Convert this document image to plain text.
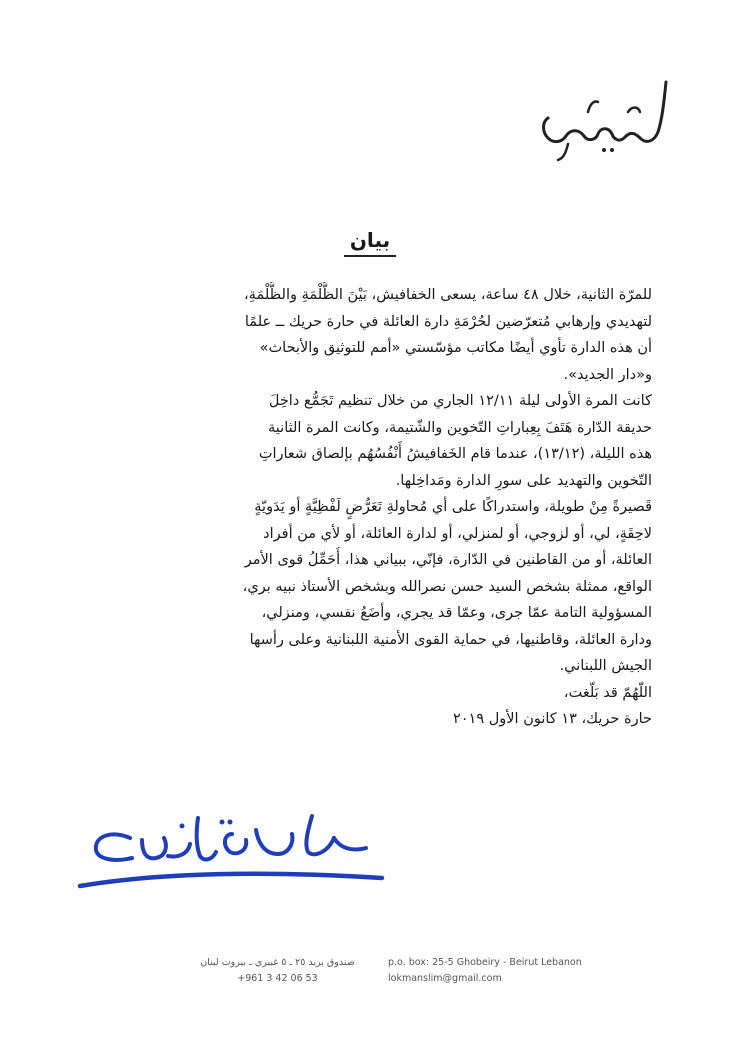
بيان
للمرّة الثانية، خلال ٤٨ ساعة، يسعى الخفافيش، بَيْنَ الظُّلْمَةِ والظُّلْمَةِ،
لتهديدي وإرهابي مُتعرّضين لحُرْمَةِ دارة العائلة في حارة حريك ــ علمًا
أن هذه الدارة تأوي أيضًا مكاتب مؤسّستي «أمم للتوثيق والأبحاث»
و«دار الجديد».
كانت المرة الأولى ليلة ١٢/١١ الجاري من خلال تنظيم تَجَمُّع داخِلَ
حديقة الدّارة هَتَفَ بِعِباراتِ التّخوين والشّتيمة، وكانت المرة الثانية
هذه الليلة، (١٣/١٢)، عندما قام الخَفافيشُ أَنْفُسُهُم بإلصاق شعاراتِ
التّخوين والتهديد على سورِ الدارة ومَداخِلها.
قَصيرةً مِنْ طويلة، واستدراكًا على أي مُحاولةِ تَعَرُّضٍ لَفْظِيَّةٍ أو يَدَويّةٍ
لاحِقَةٍ، لي، أو لزوجي، أو لمنزلي، أو لدارة العائلة، أو لأي من أفراد
العائلة، أو من القاطنين في الدّارة، فإنّي، ببياني هذا، أُحَمِّلُ قوى الأمر
الواقع، ممثلة بشخص السيد حسن نصرالله وبشخص الأستاذ نبيه بري،
المسؤولية التامة عمّا جرى، وعمّا قد يجري، وأضَعُ نفسي، ومنزلي،
ودارة العائلة، وقاطنيها، في حماية القوى الأمنية اللبنانية وعلى رأسها
الجيش اللبناني.
اللّهُمّ قد بَلّغت،
حارة حريك، ١٣ كانون الأول ٢٠١٩
صندوق بريد ٢٥ ـ ٥ غبيري ـ بيروت لبنان
+961 3 42 06 53
p.o. box: 25-5 Ghobeiry - Beirut Lebanon
lokmanslim@gmail.com
